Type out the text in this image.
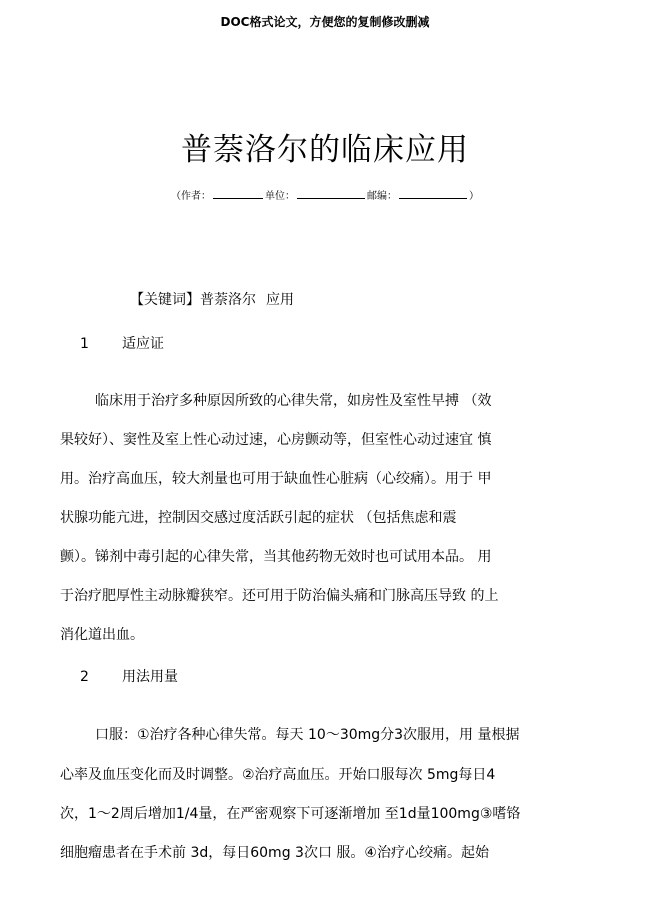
DOC格式论文，方便您的复制修改删减
普萘洛尔的临床应用
（作者：	单位：	邮编：	）
【关键词】普萘洛尔 应用
1 适应证
临床用于治疗多种原因所致的心律失常，如房性及室性早搏 （效
果较好）、窦性及室上性心动过速，心房颤动等，但室性心动过速宜 慎
用。治疗高血压，较大剂量也可用于缺血性心脏病（心绞痛）。用于 甲
状腺功能亢进，控制因交感过度活跃引起的症状 （包括焦虑和震
颤）。锑剂中毒引起的心律失常，当其他药物无效时也可试用本品。 用
于治疗肥厚性主动脉瓣狭窄。还可用于防治偏头痛和门脉高压导致 的上
消化道出血。
2 用法用量
口服：①治疗各种心律失常。每天 10～30mg分3次服用，用 量根据
心率及血压变化而及时调整。②治疗高血压。开始口服每次 5mg每日4
次，1～2周后增加1/4量，在严密观察下可逐渐增加 至1d量100mg③嗜铬
细胞瘤患者在手术前 3d，每日60mg 3次口 服。④治疗心绞痛。起始
